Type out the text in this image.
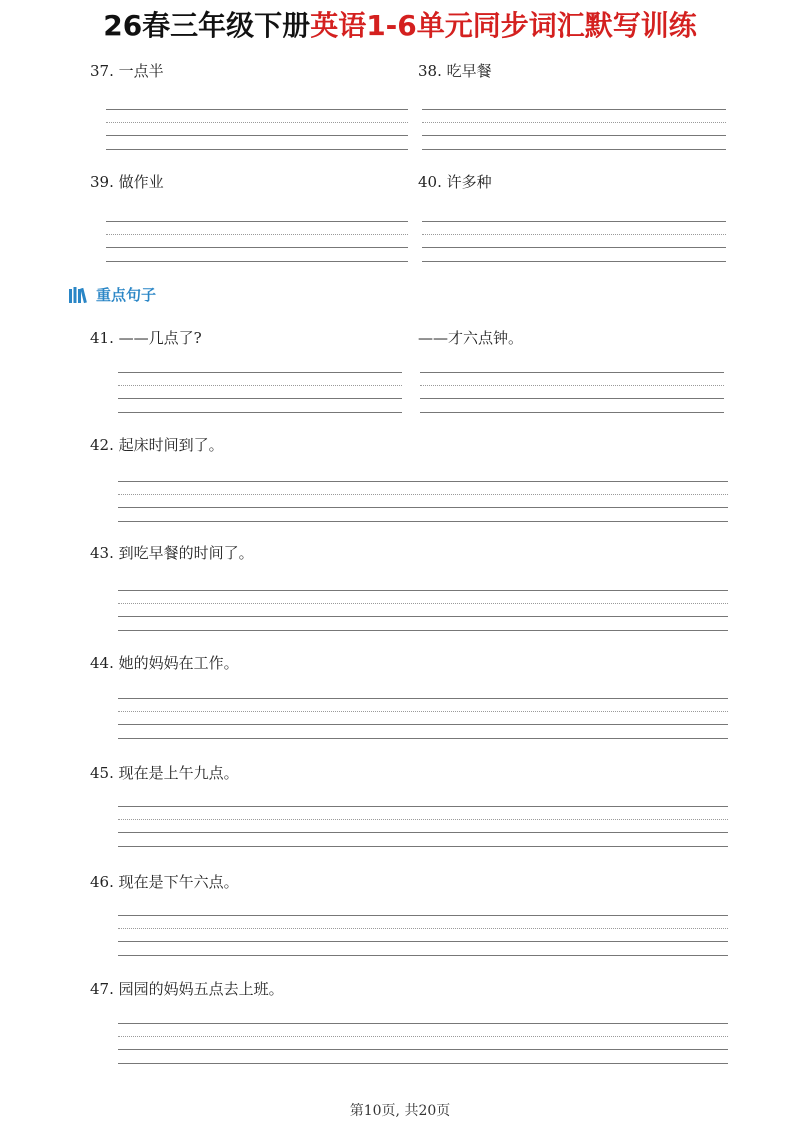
26春三年级下册 英语1-6单元同步词汇默写训练
37. 一点半	38. 吃早餐
39. 做作业	40. 许多种
重点句子
41. ——几点了?	——才六点钟。
42. 起床时间到了。
43. 到吃早餐的时间了。
44. 她的妈妈在工作。
45. 现在是上午九点。
46. 现在是下午六点。
47. 园园的妈妈五点去上班。
第10页, 共20页
